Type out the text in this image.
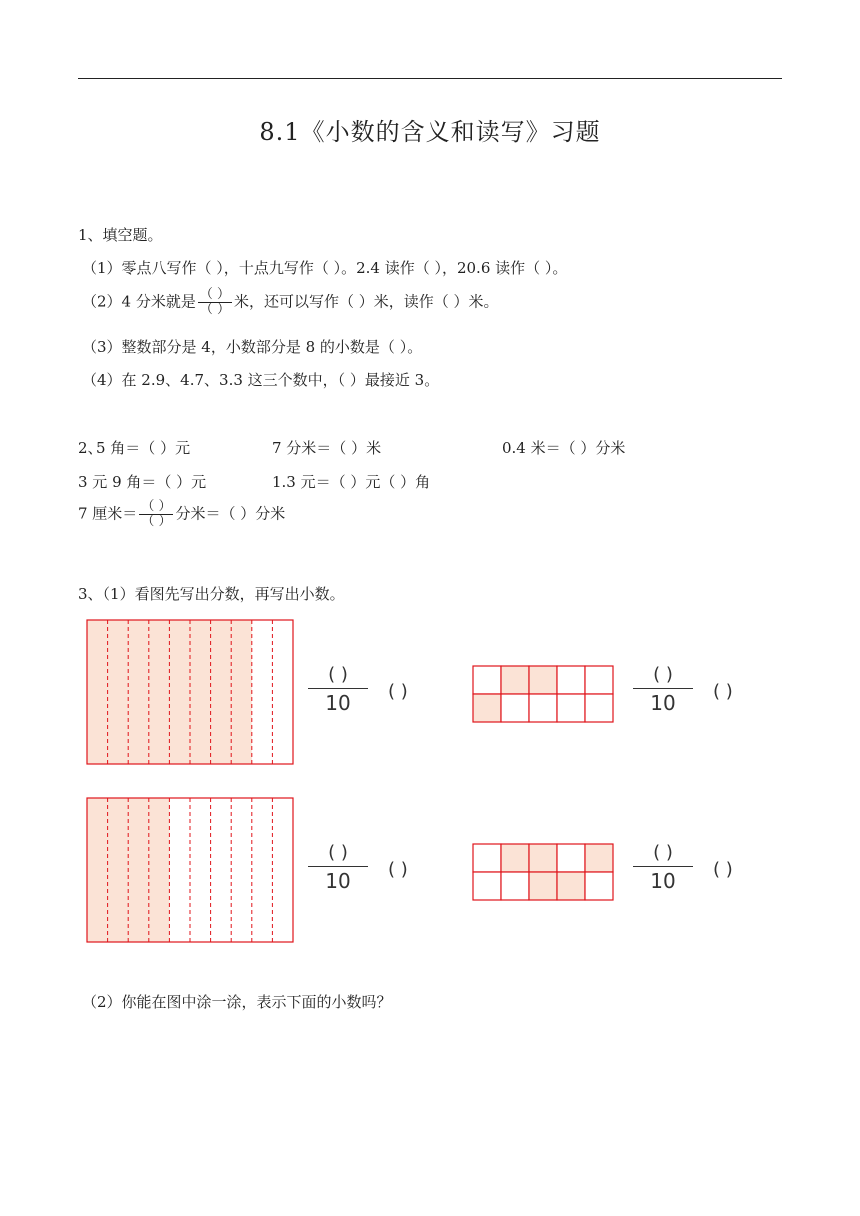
8.1《小数的含义和读写》习题
1、填空题。
（1）零点八写作（ ），十点九写作（ ）。2.4 读作（ ），20.6 读作（ ）。
（2）4 分米就是 $\frac{( )}{( )}$ 米，还可以写作（ ）米，读作（ ）米。
（3）整数部分是 4，小数部分是 8 的小数是（ ）。
（4）在 2.9、4.7、3.3 这三个数中，（ ）最接近 3。
2、
5 角＝（ ）元	7 分米＝（ ）米	0.4 米＝（ ）分米
3 元 9 角＝（ ）元	1.3 元＝（ ）元（ ）角
7 厘米＝ $\frac{( )}{( )}$ 分米＝（ ）分米
3、（1）看图先写出分数，再写出小数。
( )
10	( )
( )
10	( )
( )
10	( )
( )
10	( )
（2）你能在图中涂一涂，表示下面的小数吗？
